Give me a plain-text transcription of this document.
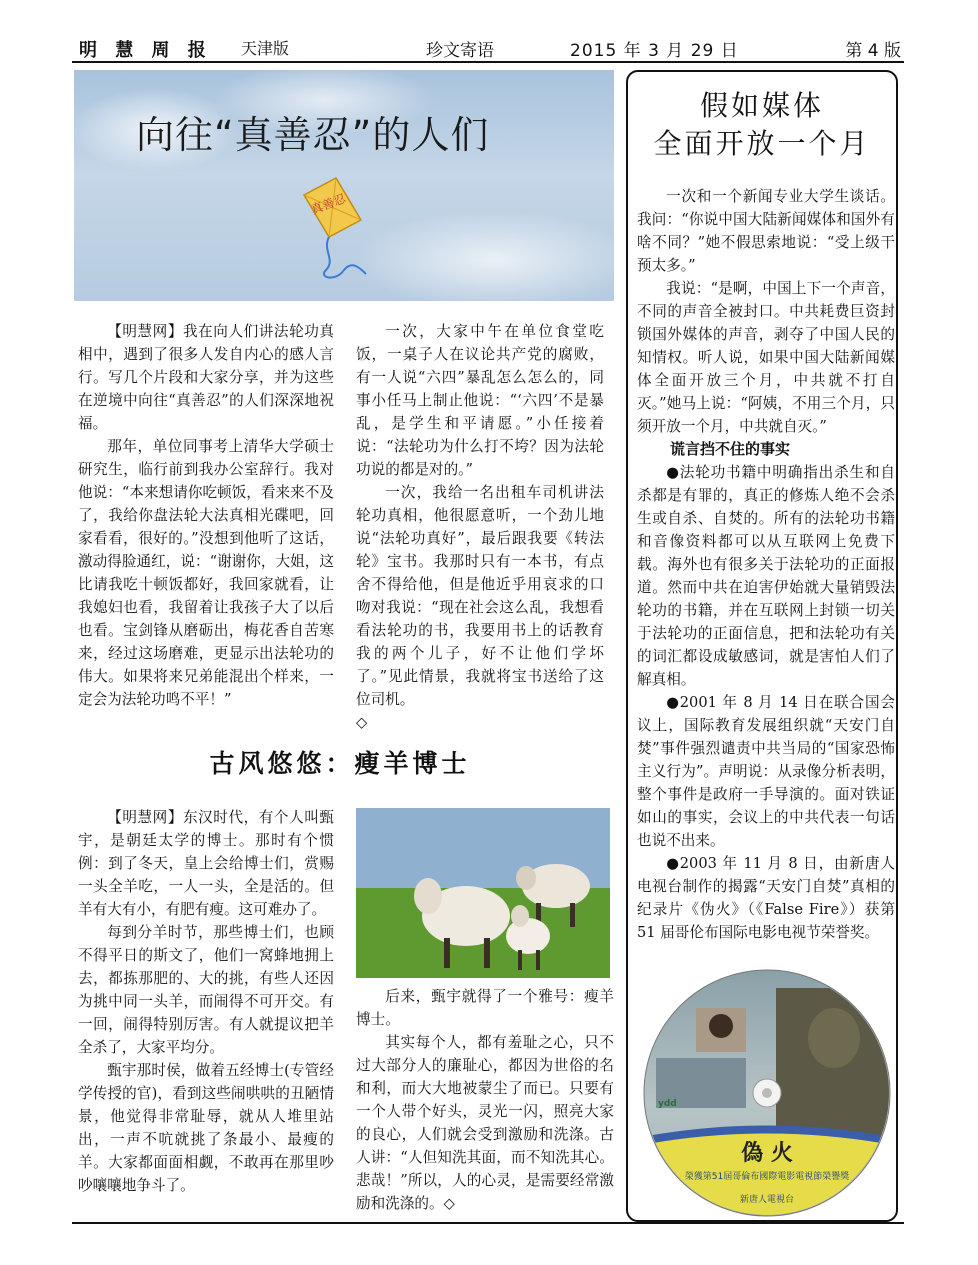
明 慧 周 报 天津版	珍文寄语	2015 年 3 月 29 日	第 4 版
向往“真善忍”的人们
真善忍

【明慧网】我在向人们讲法轮功真相中，遇到了很多人发自内心的感人言行。写几个片段和大家分享，并为这些在逆境中向往“真善忍”的人们深深地祝福。

那年，单位同事考上清华大学硕士研究生，临行前到我办公室辞行。我对他说：“本来想请你吃顿饭，看来来不及了，我给你盘法轮大法真相光碟吧，回家看看，很好的。”没想到他听了这话，激动得脸通红，说：“谢谢你，大姐，这比请我吃十顿饭都好，我回家就看，让我媳妇也看，我留着让我孩子大了以后也看。宝剑锋从磨砺出，梅花香自苦寒来，经过这场磨难，更显示出法轮功的伟大。如果将来兄弟能混出个样来，一定会为法轮功鸣不平！”

一次，大家中午在单位食堂吃饭，一桌子人在议论共产党的腐败，有一人说“六四”暴乱怎么怎么的，同事小任马上制止他说：“‘六四’不是暴乱，是学生和平请愿。”小任接着说：“法轮功为什么打不垮？因为法轮功说的都是对的。”

一次，我给一名出租车司机讲法轮功真相，他很愿意听，一个劲儿地说“法轮功真好”，最后跟我要《转法轮》宝书。我那时只有一本书，有点舍不得给他，但是他近乎用哀求的口吻对我说：“现在社会这么乱，我想看看法轮功的书，我要用书上的话教育我的两个儿子，好不让他们学坏了。”见此情景，我就将宝书送给了这位司机。

◇

古风悠悠：瘦羊博士

【明慧网】东汉时代，有个人叫甄宇，是朝廷太学的博士。那时有个惯例：到了冬天，皇上会给博士们，赏赐一头全羊吃，一人一头，全是活的。但羊有大有小，有肥有瘦。这可难办了。

每到分羊时节，那些博士们，也顾不得平日的斯文了，他们一窝蜂地拥上去，都拣那肥的、大的挑，有些人还因为挑中同一头羊，而闹得不可开交。有一回，闹得特别厉害。有人就提议把羊全杀了，大家平均分。

甄宇那时侯，做着五经博士(专管经学传授的官)，看到这些闹哄哄的丑陋情景，他觉得非常耻辱，就从人堆里站出，一声不吭就挑了条最小、最瘦的羊。大家都面面相觑，不敢再在那里吵吵嚷嚷地争斗了。

后来，甄宇就得了一个雅号：瘦羊博士。

其实每个人，都有羞耻之心，只不过大部分人的廉耻心，都因为世俗的名和利，而大大地被蒙尘了而已。只要有一个人带个好头，灵光一闪，照亮大家的良心，人们就会受到激励和洗涤。古人讲：“人但知洗其面，而不知洗其心。悲哉！”所以，人的心灵，是需要经常激励和洗涤的。◇

假如媒体
全面开放一个月

一次和一个新闻专业大学生谈话。我问：“你说中国大陆新闻媒体和国外有啥不同？”她不假思索地说：“受上级干预太多。”

我说：“是啊，中国上下一个声音，不同的声音全被封口。中共耗费巨资封锁国外媒体的声音，剥夺了中国人民的知情权。听人说，如果中国大陆新闻媒体全面开放三个月，中共就不打自灭。”她马上说：“阿姨，不用三个月，只须开放一个月，中共就自灭。”

谎言挡不住的事实

●法轮功书籍中明确指出杀生和自杀都是有罪的，真正的修炼人绝不会杀生或自杀、自焚的。所有的法轮功书籍和音像资料都可以从互联网上免费下载。海外也有很多关于法轮功的正面报道。然而中共在迫害伊始就大量销毁法轮功的书籍，并在互联网上封锁一切关于法轮功的正面信息，把和法轮功有关的词汇都设成敏感词，就是害怕人们了解真相。

●2001 年 8 月 14 日在联合国会议上，国际教育发展组织就“天安门自焚”事件强烈谴责中共当局的“国家恐怖主义行为”。声明说：从录像分析表明，整个事件是政府一手导演的。面对铁证如山的事实，会议上的中共代表一句话也说不出来。

●2003 年 11 月 8 日，由新唐人电视台制作的揭露“天安门自焚”真相的纪录片《伪火》（《False Fire》）获第 51 届哥伦布国际电影电视节荣誉奖。

ydd
偽 火
榮獲第51屆哥倫布國際電影電視節榮譽獎
新唐人電視台
